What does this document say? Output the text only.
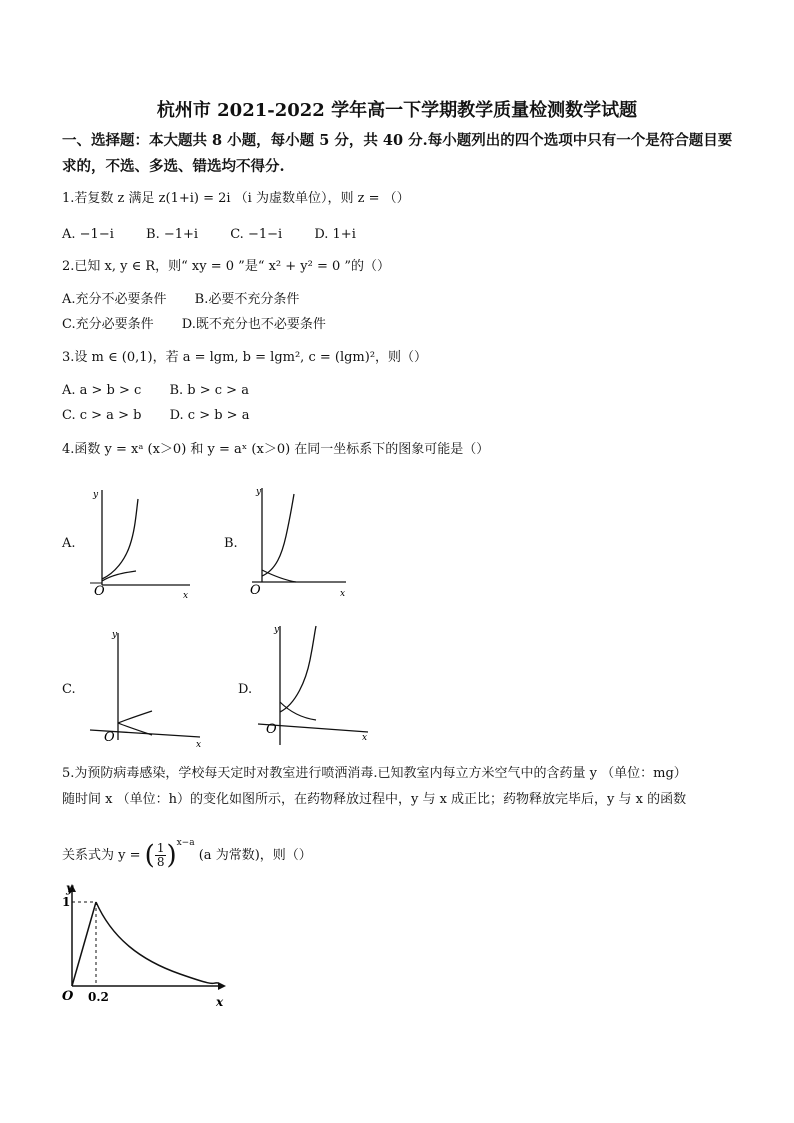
杭州市 2021-2022 学年高一下学期教学质量检测数学试题
一、选择题：本大题共 8 小题，每小题 5 分，共 40 分.每小题列出的四个选项中只有一个是符合题目要求的，不选、多选、错选均不得分.
1.若复数 z 满足 z(1+i) = 2i （i 为虚数单位），则 z = （）
A. −1−i B. −1+i C. −1−i D. 1+i
2.已知 x, y ∈ R，则“ xy = 0 ”是“ x² + y² = 0 ”的（）
A.充分不必要条件 B.必要不充分条件
C.充分必要条件 D.既不充分也不必要条件
3.设 m ∈ (0,1)，若 a = lgm, b = lgm², c = (lgm)²，则（）
A. a > b > c B. b > c > a
C. c > a > b D. c > b > a
4.函数 y = xᵃ (x＞0) 和 y = aˣ (x＞0) 在同一坐标系下的图象可能是（）
A.	B.
C.	D.
O
y
x	O
y
x
O
y
x
O
y
x
5.为预防病毒感染，学校每天定时对教室进行喷洒消毒.已知教室内每立方米空气中的含药量 y （单位：mg）
随时间 x （单位：h）的变化如图所示，在药物释放过程中，y 与 x 成正比；药物释放完毕后，y 与 x 的函数
关系式为 y = ( $\frac{1}{8} )^{x-a}$ (a 为常数)，则（）
y
1
O 0.2	x
